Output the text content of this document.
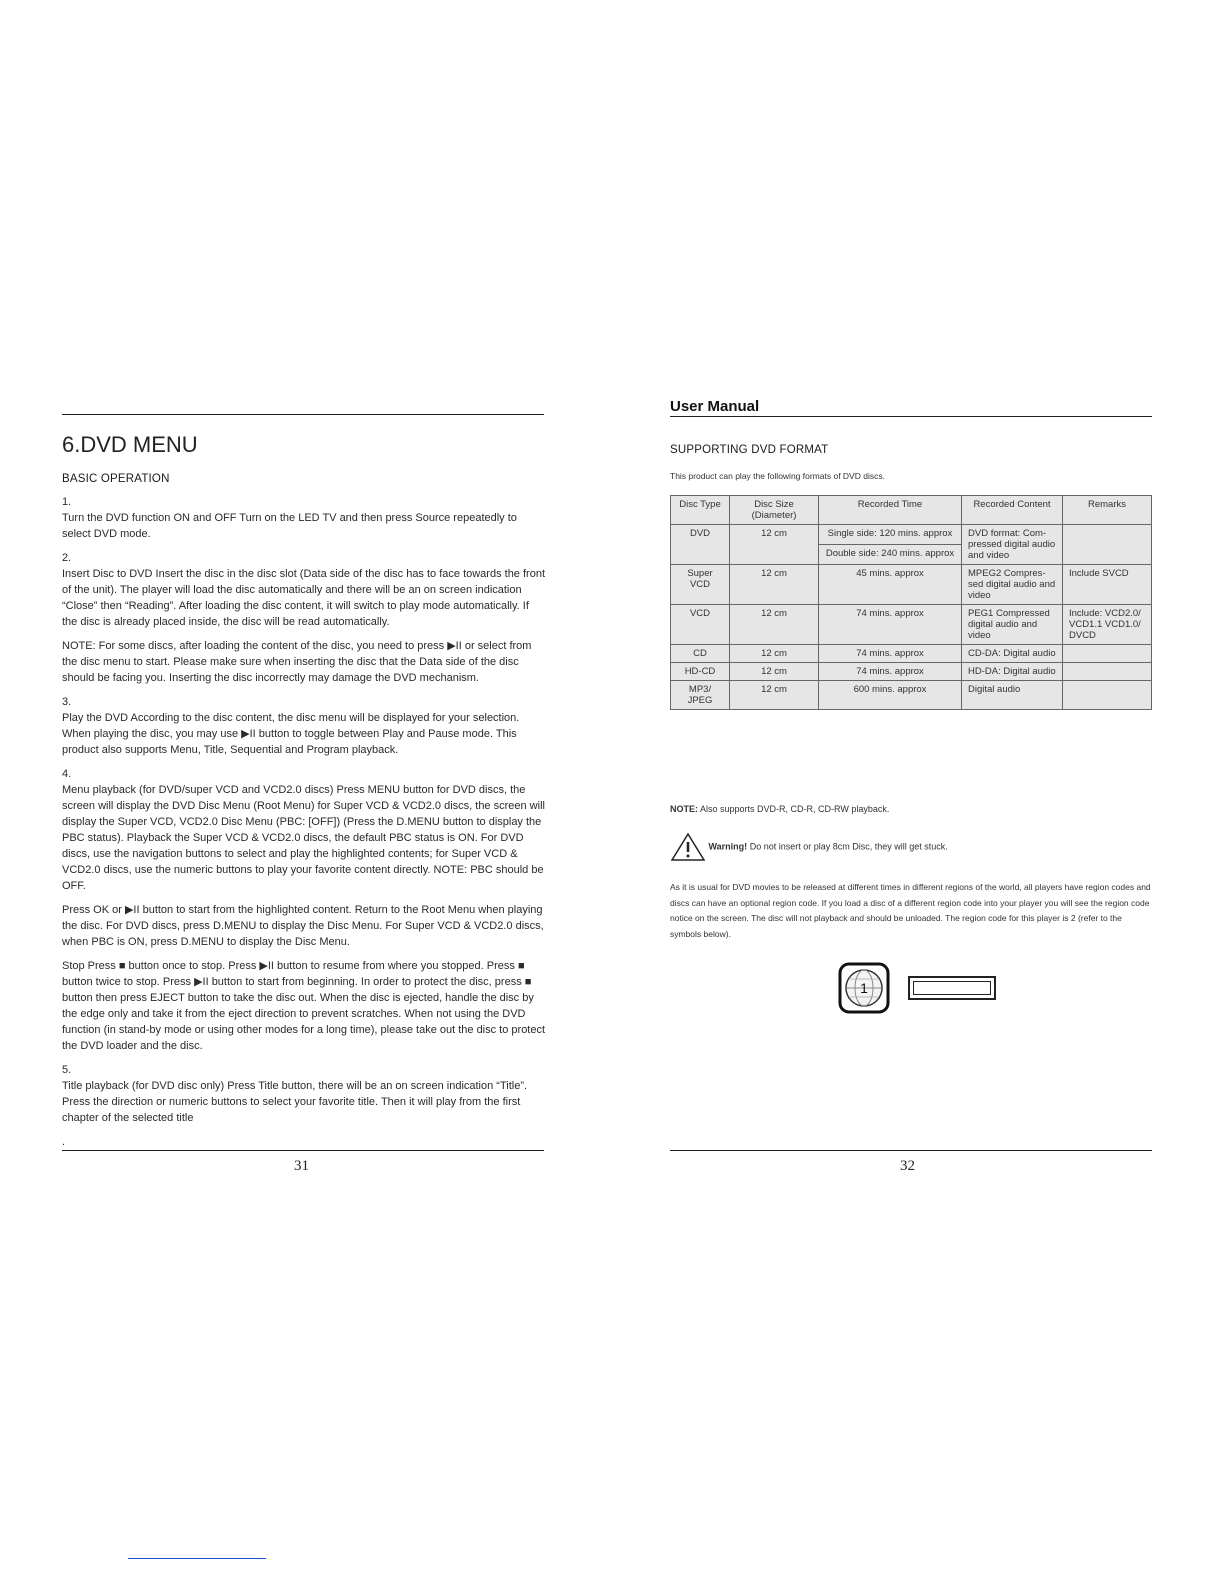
6.DVD MENU
BASIC OPERATION

1.
Turn the DVD function ON and OFF Turn on the LED TV and then press Source repeatedly to select DVD mode.

2.
Insert Disc to DVD Insert the disc in the disc slot (Data side of the disc has to face towards the front of the unit). The player will load the disc automatically and there will be an on screen indication “Close” then “Reading”. After loading the disc content, it will switch to play mode automatically. If the disc is already placed inside, the disc will be read automatically.

NOTE: For some discs, after loading the content of the disc, you need to press ▶II or select from the disc menu to start. Please make sure when inserting the disc that the Data side of the disc should be facing you. Inserting the disc incorrectly may damage the DVD mechanism.

3.
Play the DVD According to the disc content, the disc menu will be displayed for your selection. When playing the disc, you may use ▶II button to toggle between Play and Pause mode. This product also supports Menu, Title, Sequential and Program playback.

4.
Menu playback (for DVD/super VCD and VCD2.0 discs) Press MENU button for DVD discs, the screen will display the DVD Disc Menu (Root Menu) for Super VCD & VCD2.0 discs, the screen will display the Super VCD, VCD2.0 Disc Menu (PBC: [OFF]) (Press the D.MENU button to display the PBC status). Playback the Super VCD & VCD2.0 discs, the default PBC status is ON. For DVD discs, use the navigation buttons to select and play the highlighted contents; for Super VCD & VCD2.0 discs, use the numeric buttons to play your favorite content directly. NOTE: PBC should be OFF.

Press OK or ▶II button to start from the highlighted content. Return to the Root Menu when playing the disc. For DVD discs, press D.MENU to display the Disc Menu. For Super VCD & VCD2.0 discs, when PBC is ON, press D.MENU to display the Disc Menu.

Stop Press ■ button once to stop. Press ▶II button to resume from where you stopped. Press ■ button twice to stop. Press ▶II button to start from beginning. In order to protect the disc, press ■ button then press EJECT button to take the disc out. When the disc is ejected, handle the disc by the edge only and take it from the eject direction to prevent scratches. When not using the DVD function (in stand-by mode or using other modes for a long time), please take out the disc to protect the DVD loader and the disc.

5.
Title playback (for DVD disc only) Press Title button, there will be an on screen indication “Title”. Press the direction or numeric buttons to select your favorite title. Then it will play from the first chapter of the selected title

.

31
User Manual
SUPPORTING DVD FORMAT
This product can play the following formats of DVD discs.
Disc Type	Disc Size (Diameter)	Recorded Time	Recorded Content	Remarks
DVD	12 cm	Single side: 120 mins. approx	DVD format: Com-pressed digital audio and video	
		Double side: 240 mins. approx		
Super VCD	12 cm	45 mins. approx	MPEG2 Compres-sed digital audio and video	Include SVCD
VCD	12 cm	74 mins. approx	PEG1 Compressed digital audio and video	Include: VCD2.0/ VCD1.1 VCD1.0/ DVCD
CD	12 cm	74 mins. approx	CD-DA: Digital audio	
HD-CD	12 cm	74 mins. approx	HD-DA: Digital audio	
MP3/ JPEG	12 cm	600 mins. approx	Digital audio	
NOTE: Also supports DVD-R, CD-R, CD-RW playback.
Warning! Do not insert or play 8cm Disc, they will get stuck.
As it is usual for DVD movies to be released at different times in different regions of the world, all players have region codes and discs can have an optional region code. If you load a disc of a different region code into your player you will see the region code notice on the screen. The disc will not playback and should be unloaded. The region code for this player is 2 (refer to the symbols below).
1
32
